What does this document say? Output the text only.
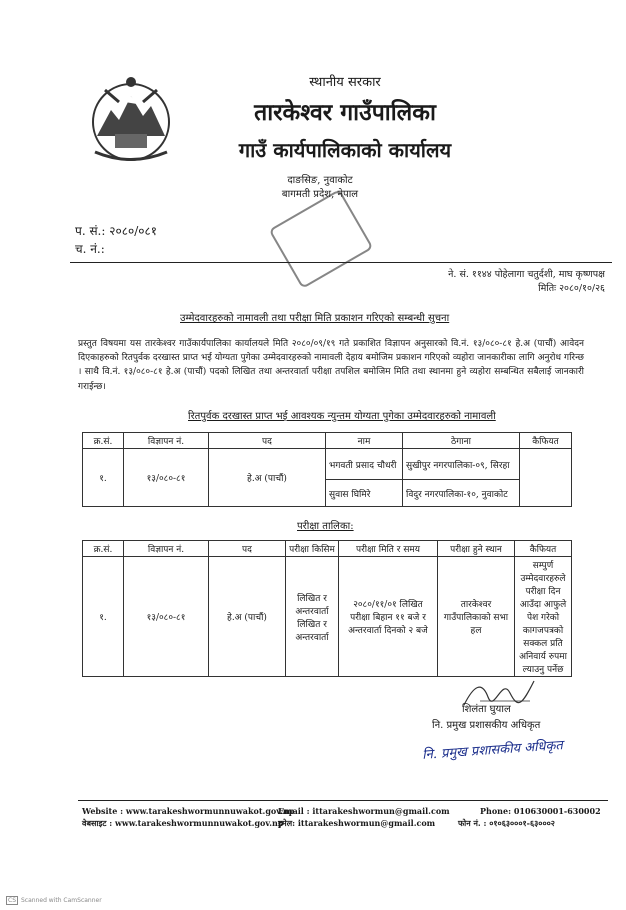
स्थानीय सरकार
तारकेश्वर गाउँपालिका
गाउँ कार्यपालिकाको कार्यालय
दाङसिङ, नुवाकोट
बागमती प्रदेश, नेपाल
प. सं.: २०८०/०८१
च. नं.:
ने. सं. ११४४ पोहेलागा चतुर्दशी, माघ कृष्णपक्ष
मितिः २०८०/१०/२६
उम्मेदवारहरुको नामावली तथा परीक्षा मिति प्रकाशन गरिएको सम्बन्धी सुचना
प्रस्तुत विषयमा यस तारकेश्वर गाउँकार्यपालिका कार्यालयले मिति २०८०/०९/१९ गते प्रकाशित विज्ञापन अनुसारको वि.नं. १३/०८०-८१ हे.अ (पाचौं) आवेदन दिएकाहरुको रितपुर्वक दरखास्त प्राप्त भई योग्यता पुगेका उम्मेदवारहरुको नामावली देहाय बमोजिम प्रकाशन गरिएको व्यहोरा जानकारीका लागि अनुरोध गरिन्छ । साथै वि.नं. १३/०८०-८१ हे.अ (पाचौं) पदको लिखित तथा अन्तरवार्ता परीक्षा तपशिल बमोजिम मिति तथा स्थानमा हुने व्यहोरा सम्बन्धित सबैलाई जानकारी गराईन्छ।
रितपुर्वक दरखास्त प्राप्त भई आवश्यक न्युन्तम योग्यता पुगेका उम्मेदवारहरुको नामावली
क्र.सं.	विज्ञापन नं.	पद	नाम	ठेगाना	कैफियत
१.	१३/०८०-८१	हे.अ (पाचौं)	भगवती प्रसाद चौधरी	सुखीपुर नगरपालिका-०९, सिरहा	
			सुवास घिमिरे	विदुर नगरपालिका-१०, नुवाकोट	
परीक्षा तालिका:
क्र.सं.	विज्ञापन नं.	पद	परीक्षा किसिम	परीक्षा मिति र समय	परीक्षा हुने स्थान	कैफियत
१.	१३/०८०-८१	हे.अ (पाचौं)	लिखित र अन्तरवार्ता लिखित र अन्तरवार्ता	२०८०/११/०१ लिखित परीक्षा बिहान ११ बजे र अन्तरवार्ता दिनको २ बजे	तारकेश्वर गाउँपालिकाको सभा हल	सम्पुर्ण उम्मेदवारहरुले परीक्षा दिन आउँदा आफुले पेश गरेको कागजपत्रको सक्कल प्रति अनिवार्य रुपमा ल्याउनु पर्नेछ
शिलंता घुयाल
नि. प्रमुख प्रशासकीय अधिकृत
नि. प्रमुख प्रशासकीय अधिकृत
Website : www.tarakeshwormunnuwakot.gov.np
वेबसाइट : www.tarakeshwormunnuwakot.gov.np
Email : ittarakeshwormun@gmail.com
इमेल: ittarakeshwormun@gmail.com
Phone: 010630001-630002
फोन नं. : ०१०६३०००१-६३०००२
CS Scanned with CamScanner
